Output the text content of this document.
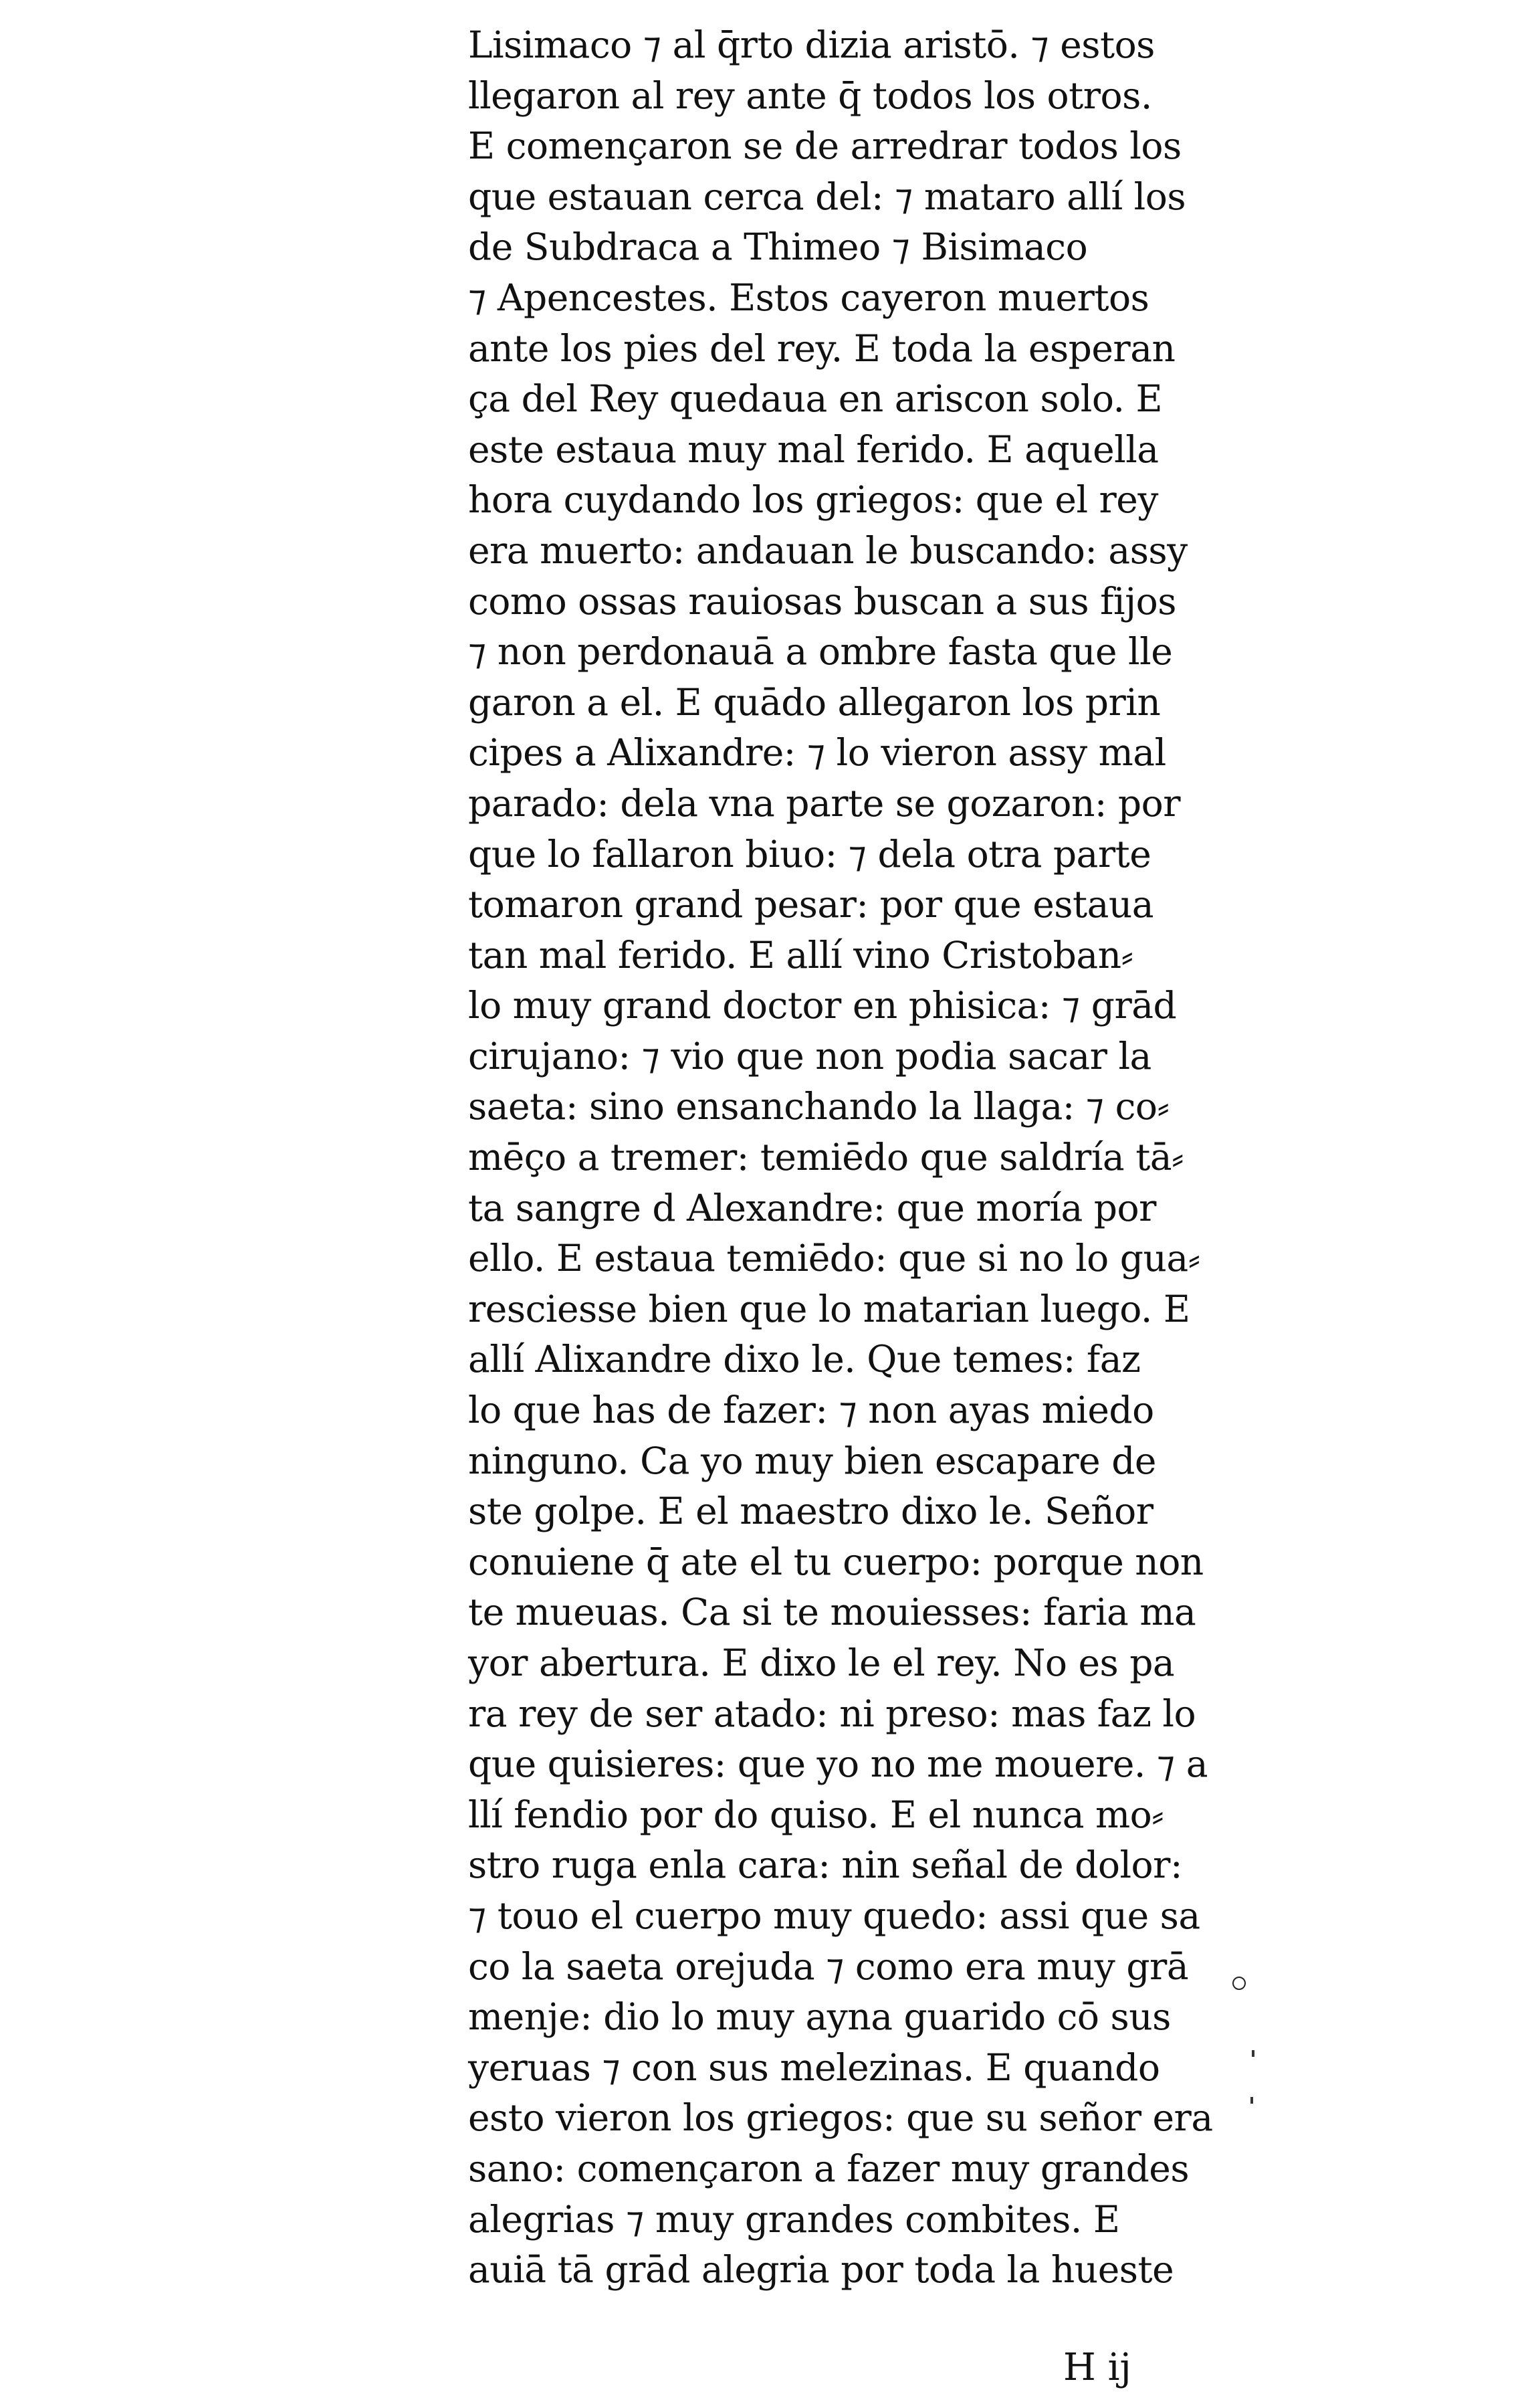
Lisimaco ⁊ al q̄rto dizia aristō. ⁊ estos
llegaron al rey ante q̄ todos los otros.
E començaron se de arredrar todos los
que estauan cerca del: ⁊ mataro allí los
de Subdraca a Thimeo ⁊ Bisimaco
⁊ Apencestes. Estos cayeron muertos
ante los pies del rey. E toda la esperan
ça del Rey quedaua en ariscon solo. E
este estaua muy mal ferido. E aquella
hora cuydando los griegos: que el rey
era muerto: andauan le buscando: assy
como ossas rauiosas buscan a sus fijos
⁊ non perdonauā a ombre fasta que lle
garon a el. E quādo allegaron los prin
cipes a Alixandre: ⁊ lo vieron assy mal
parado: dela vna parte se gozaron: por
que lo fallaron biuo: ⁊ dela otra parte
tomaron grand pesar: por que estaua
tan mal ferido. E allí vino Cristoban⸗
lo muy grand doctor en phisica: ⁊ grād
cirujano: ⁊ vio que non podia sacar la
saeta: sino ensanchando la llaga: ⁊ co⸗
mēço a tremer: temiēdo que saldría tā⸗
ta sangre d Alexandre: que moría por
ello. E estaua temiēdo: que si no lo gua⸗
resciesse bien que lo matarian luego. E
allí Alixandre dixo le. Que temes: faz
lo que has de fazer: ⁊ non ayas miedo
ninguno. Ca yo muy bien escapare de
ste golpe. E el maestro dixo le. Señor
conuiene q̄ ate el tu cuerpo: porque non
te mueuas. Ca si te mouiesses: faria ma
yor abertura. E dixo le el rey. No es pa
ra rey de ser atado: ni preso: mas faz lo
que quisieres: que yo no me mouere. ⁊ a
llí fendio por do quiso. E el nunca mo⸗
stro ruga enla cara: nin señal de dolor:
⁊ touo el cuerpo muy quedo: assi que sa
co la saeta orejuda ⁊ como era muy grā
menje: dio lo muy ayna guarido cō sus
yeruas ⁊ con sus melezinas. E quando
esto vieron los griegos: que su señor era
sano: començaron a fazer muy grandes
alegrias ⁊ muy grandes combites. E
auiā tā grād alegria por toda la hueste
H ij
